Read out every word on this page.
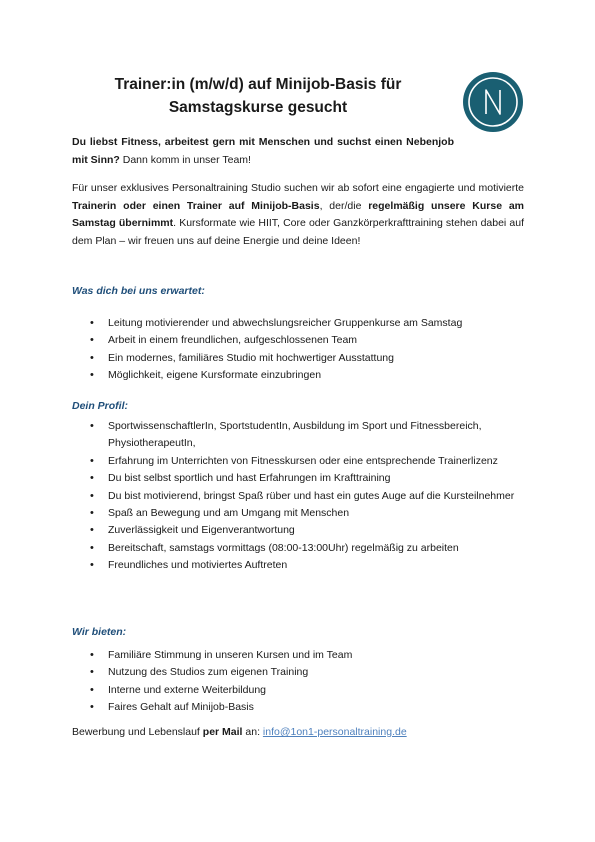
Trainer:in (m/w/d) auf Minijob-Basis für
Samstagskurse gesucht
Du liebst Fitness, arbeitest gern mit Menschen und suchst einen Nebenjob mit Sinn? Dann komm in unser Team!
Für unser exklusives Personaltraining Studio suchen wir ab sofort eine engagierte und motivierte Trainerin oder einen Trainer auf Minijob-Basis, der/die regelmäßig unsere Kurse am Samstag übernimmt. Kursformate wie HIIT, Core oder Ganzkörperkrafttraining stehen dabei auf dem Plan – wir freuen uns auf deine Energie und deine Ideen!
Was dich bei uns erwartet:
• Leitung motivierender und abwechslungsreicher Gruppenkurse am Samstag
• Arbeit in einem freundlichen, aufgeschlossenen Team
• Ein modernes, familiäres Studio mit hochwertiger Ausstattung
• Möglichkeit, eigene Kursformate einzubringen
Dein Profil:
• SportwissenschaftlerIn, SportstudentIn, Ausbildung im Sport und Fitnessbereich, PhysiotherapeutIn,
• Erfahrung im Unterrichten von Fitnesskursen oder eine entsprechende Trainerlizenz
• Du bist selbst sportlich und hast Erfahrungen im Krafttraining
• Du bist motivierend, bringst Spaß rüber und hast ein gutes Auge auf die Kursteilnehmer
• Spaß an Bewegung und am Umgang mit Menschen
• Zuverlässigkeit und Eigenverantwortung
• Bereitschaft, samstags vormittags (08:00-13:00Uhr) regelmäßig zu arbeiten
• Freundliches und motiviertes Auftreten
Wir bieten:
• Familiäre Stimmung in unseren Kursen und im Team
• Nutzung des Studios zum eigenen Training
• Interne und externe Weiterbildung
• Faires Gehalt auf Minijob-Basis
Bewerbung und Lebenslauf per Mail an: info@1on1-personaltraining.de
